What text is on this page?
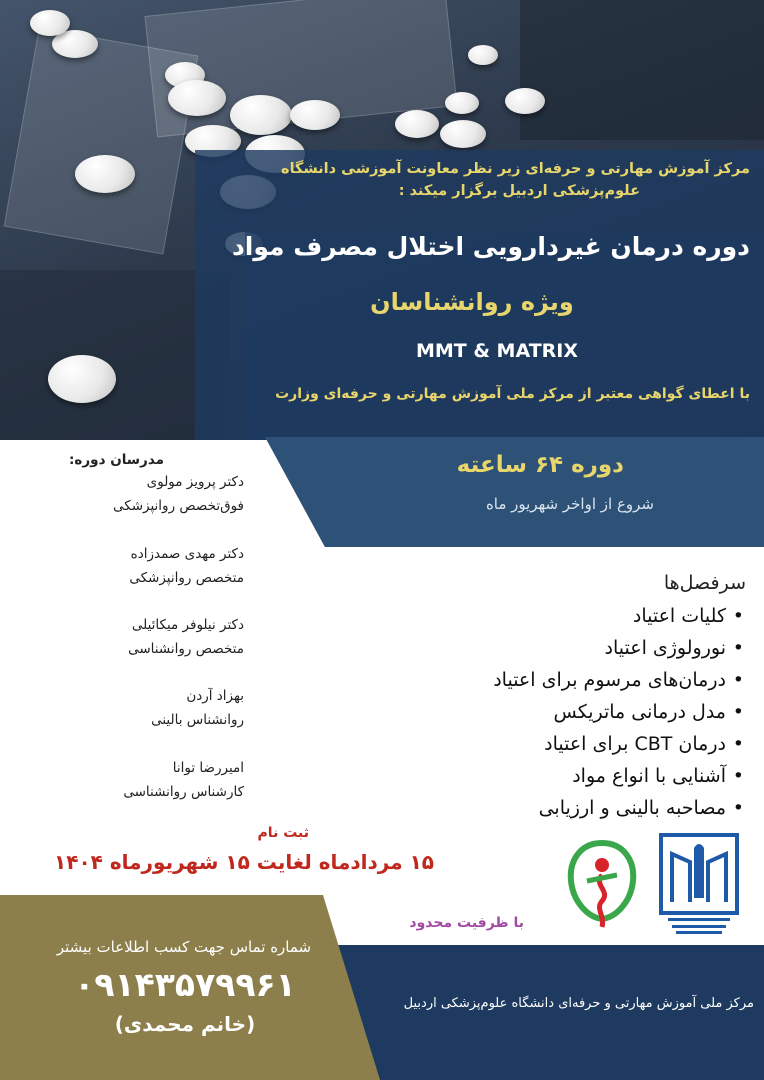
مرکز آموزش مهارتی و حرفه‌ای زیر نظر معاونت آموزشی دانشگاه
علوم‌پزشکی اردبیل برگزار میکند :
دوره درمان غیردارویی اختلال مصرف مواد
ویژه روانشناسان
MMT & MATRIX
با اعطای گواهی معتبر از مرکز ملی آموزش مهارتی و حرفه‌ای وزارت
دوره ۶۴ ساعته
شروع از اواخر شهریور ماه
مدرسان دوره:
دکتر پرویز مولوی
فوق‌تخصص روانپزشکی
دکتر مهدی صمدزاده
متخصص روانپزشکی
دکتر نیلوفر میکائیلی
متخصص روانشناسی
بهزاد آردن
روانشناس بالینی
امیررضا توانا
کارشناس روانشناسی
سرفصل‌ها
• کلیات اعتیاد
• نورولوژی اعتیاد
• درمان‌های مرسوم برای اعتیاد
• مدل درمانی ماتریکس
• درمان CBT برای اعتیاد
• آشنایی با انواع مواد
• مصاحبه بالینی و ارزیابی
ثبت نام
۱۵ مردادماه لغایت ۱۵ شهریورماه ۱۴۰۴
با ظرفیت محدود
شماره تماس جهت کسب اطلاعات بیشتر
۰۹۱۴۳۵۷۹۹۶۱
(خانم محمدی)
مرکز ملی آموزش مهارتی و حرفه‌ای دانشگاه علوم‌پزشکی اردبیل
